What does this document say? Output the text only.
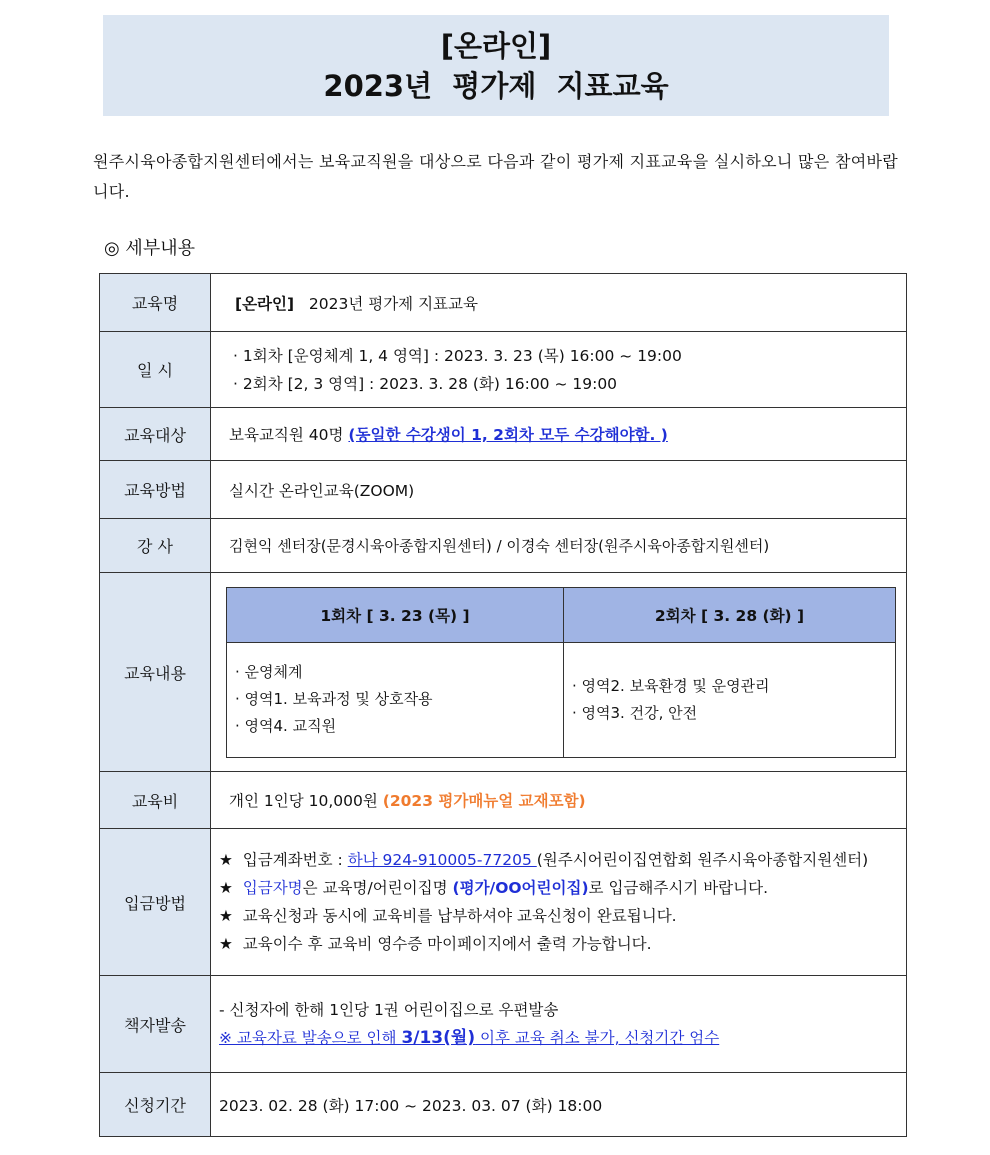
[온라인]
2023년  평가제  지표교육
원주시육아종합지원센터에서는 보육교직원을 대상으로 다음과 같이 평가제 지표교육을 실시하오니 많은 참여바랍니다.
◎ 세부내용
교육명	[온라인] 2023년 평가제 지표교육
일 시	
· 1회차 [운영체계 1, 4 영역] : 2023. 3. 23 (목) 16:00 ~ 19:00
· 2회차 [2, 3 영역] : 2023. 3. 28 (화) 16:00 ~ 19:00

교육대상	보육교직원 40명 (동일한 수강생이 1, 2회차 모두 수강해야함. )
교육방법	실시간 온라인교육(ZOOM)
강 사	김현익 센터장(문경시육아종합지원센터) / 이경숙 센터장(원주시육아종합지원센터)
교육내용	
1회차 [ 3. 23 (목) ]	2회차 [ 3. 28 (화) ]

· 운영체계
· 영역1. 보육과정 및 상호작용
· 영역4. 교직원

· 영역2. 보육환경 및 운영관리
· 영역3. 건강, 안전

교육비	개인 1인당 10,000원 (2023 평가매뉴얼 교재포함)
입금방법	
★ 입금계좌번호 : 하나 924-910005-77205 (원주시어린이집연합회 원주시육아종합지원센터)
★ 입금자명은 교육명/어린이집명 (평가/OO어린이집)로 입금해주시기 바랍니다.
★ 교육신청과 동시에 교육비를 납부하셔야 교육신청이 완료됩니다.
★ 교육이수 후 교육비 영수증 마이페이지에서 출력 가능합니다.

책자발송	
- 신청자에 한해 1인당 1권 어린이집으로 우편발송
※ 교육자료 발송으로 인해 3/13(월) 이후 교육 취소 불가, 신청기간 엄수

신청기간	2023. 02. 28 (화) 17:00 ~ 2023. 03. 07 (화) 18:00
